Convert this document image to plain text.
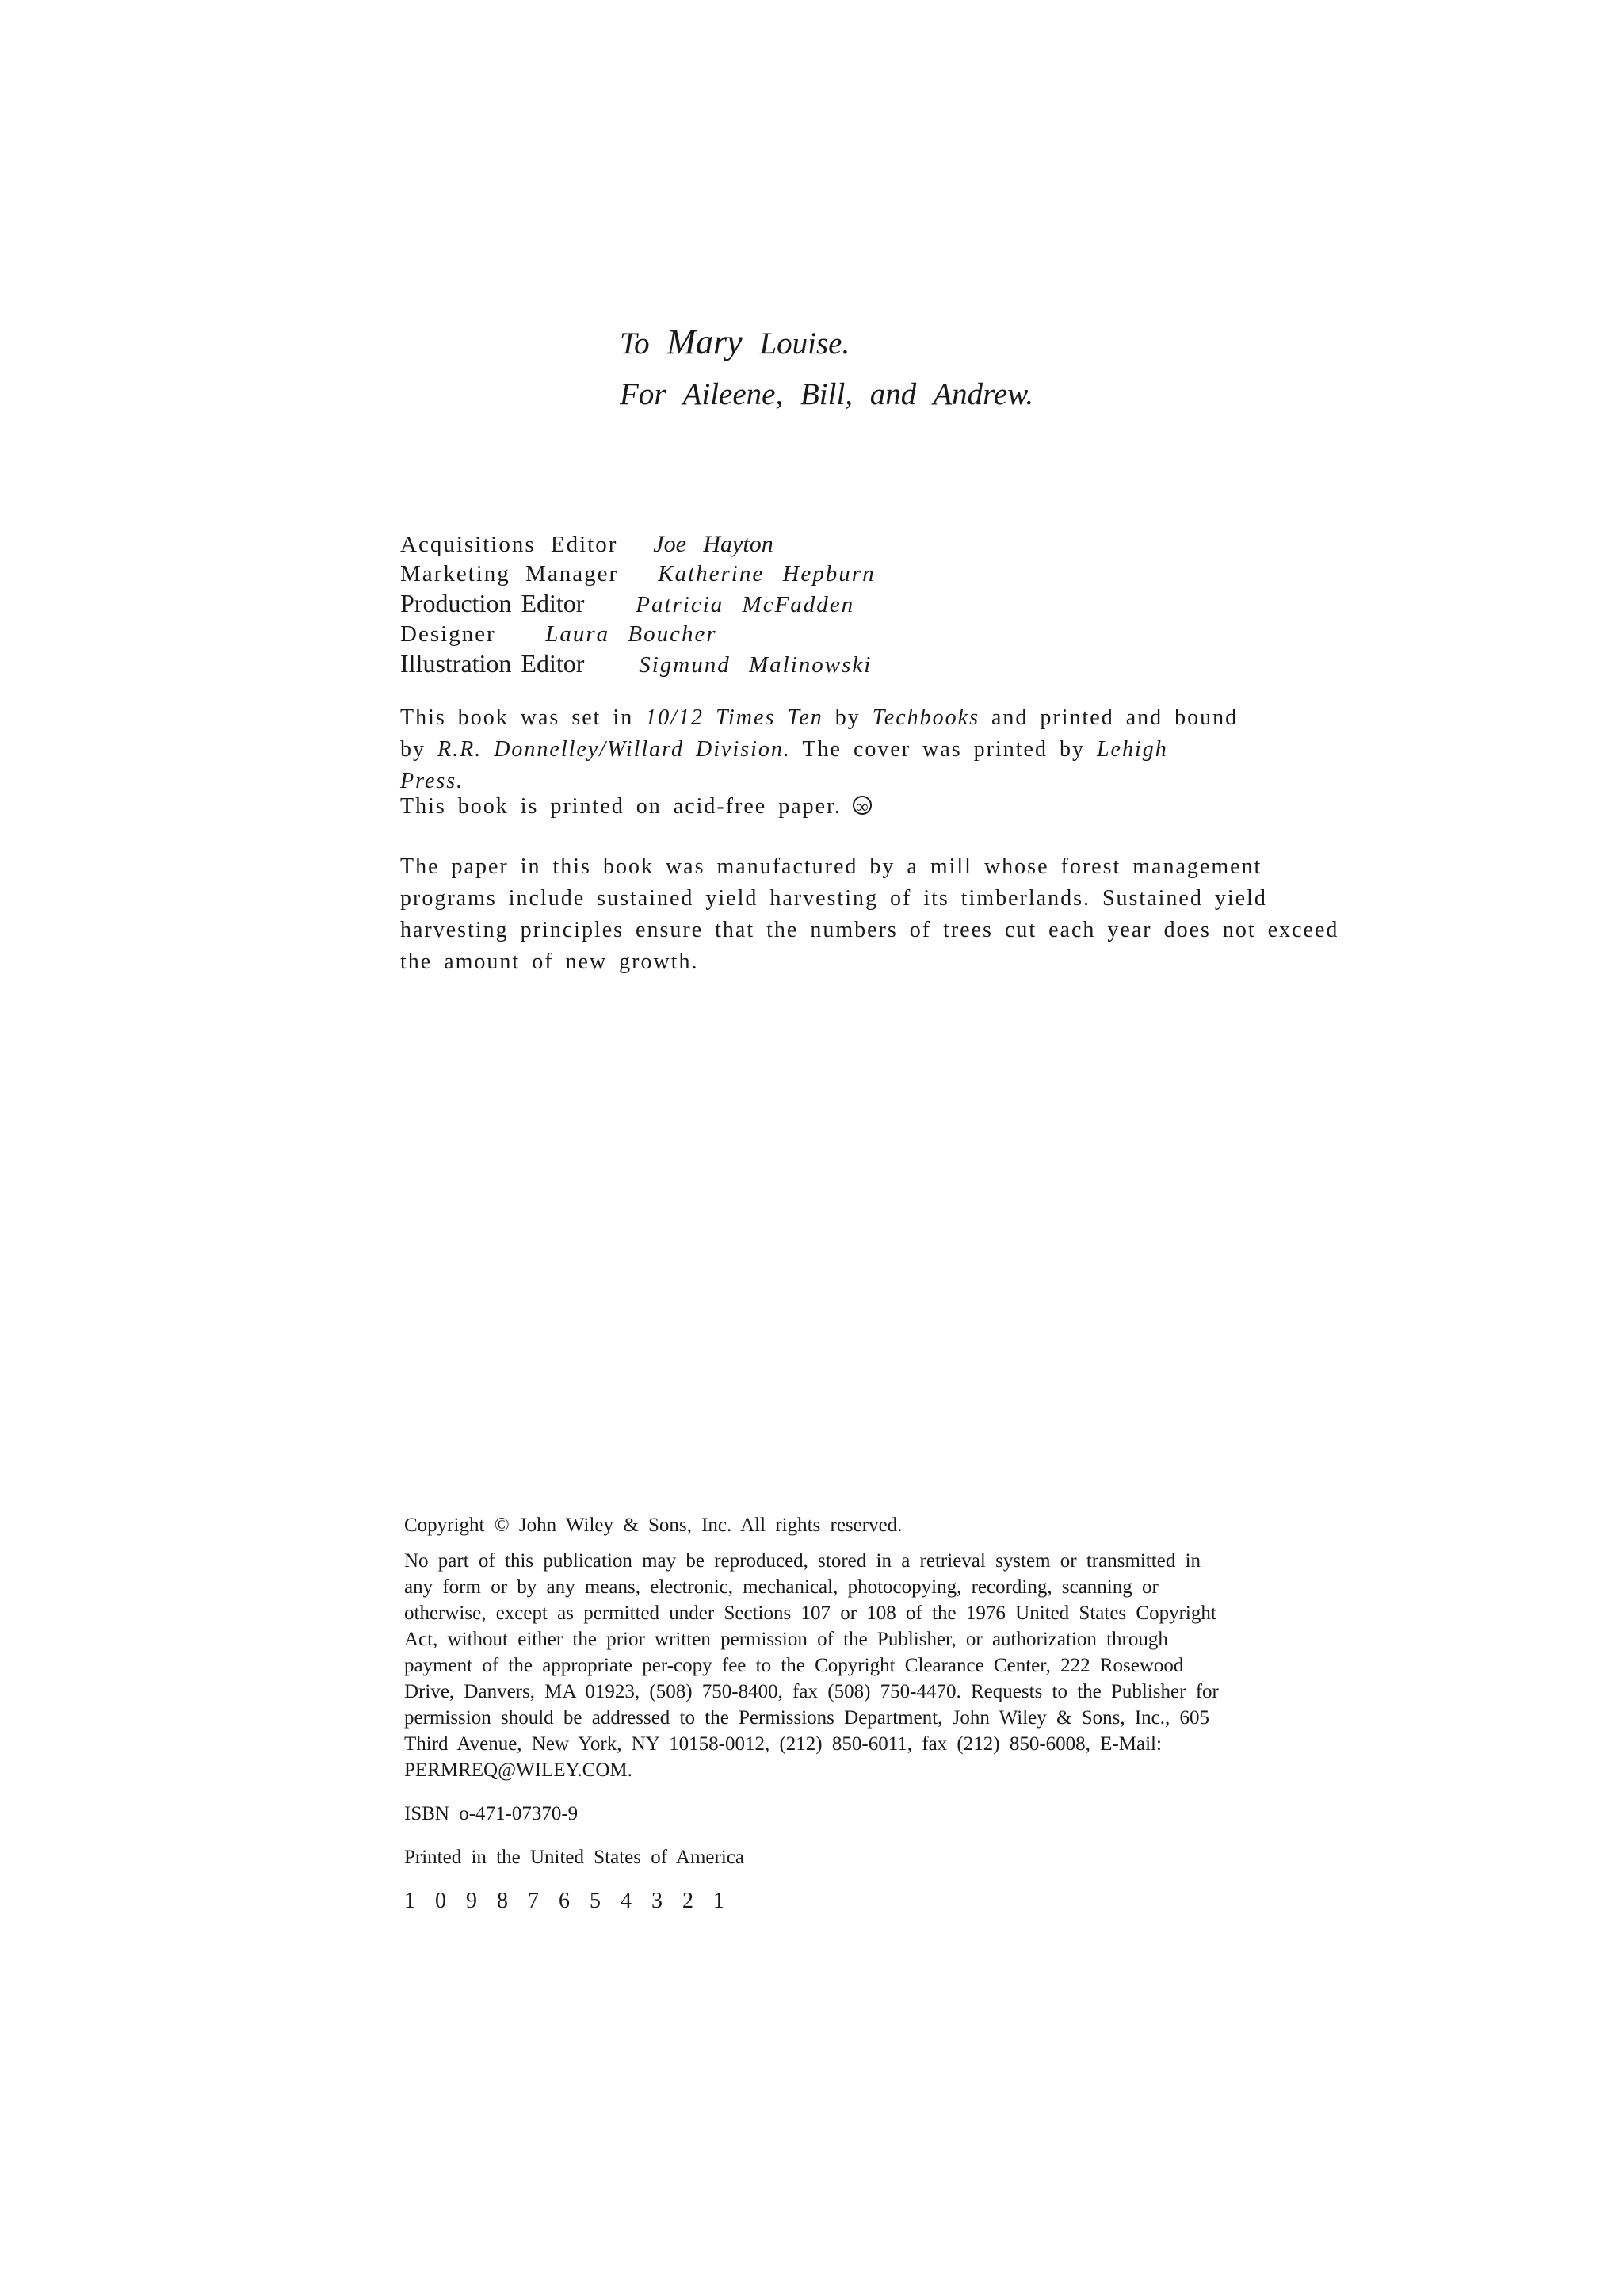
To Mary Louise.
For Aileene, Bill, and Andrew.
Acquisitions Editor Joe Hayton
Marketing Manager Katherine Hepburn
Production Editor Patricia McFadden
Designer Laura Boucher
Illustration Editor Sigmund Malinowski
This book was set in 10/12 Times Ten by Techbooks and printed and bound by R.R. Donnelley/Willard Division. The cover was printed by Lehigh Press.
This book is printed on acid-free paper.∞
The paper in this book was manufactured by a mill whose forest management programs include sustained yield harvesting of its timberlands. Sustained yield harvesting principles ensure that the numbers of trees cut each year does not exceed the amount of new growth.

Copyright © John Wiley & Sons, Inc. All rights reserved.

No part of this publication may be reproduced, stored in a retrieval system or transmitted in any form or by any means, electronic, mechanical, photocopying, recording, scanning or otherwise, except as permitted under Sections 107 or 108 of the 1976 United States Copyright Act, without either the prior written permission of the Publisher, or authorization through payment of the appropriate per-copy fee to the Copyright Clearance Center, 222 Rosewood Drive, Danvers, MA 01923, (508) 750-8400, fax (508) 750-4470. Requests to the Publisher for permission should be addressed to the Permissions Department, John Wiley & Sons, Inc., 605 Third Avenue, New York, NY 10158-0012, (212) 850-6011, fax (212) 850-6008, E-Mail: PERMREQ@WILEY.COM.

ISBN o-471-07370-9

Printed in the United States of America

1 0 9 8 7 6 5 4 3 2 1
